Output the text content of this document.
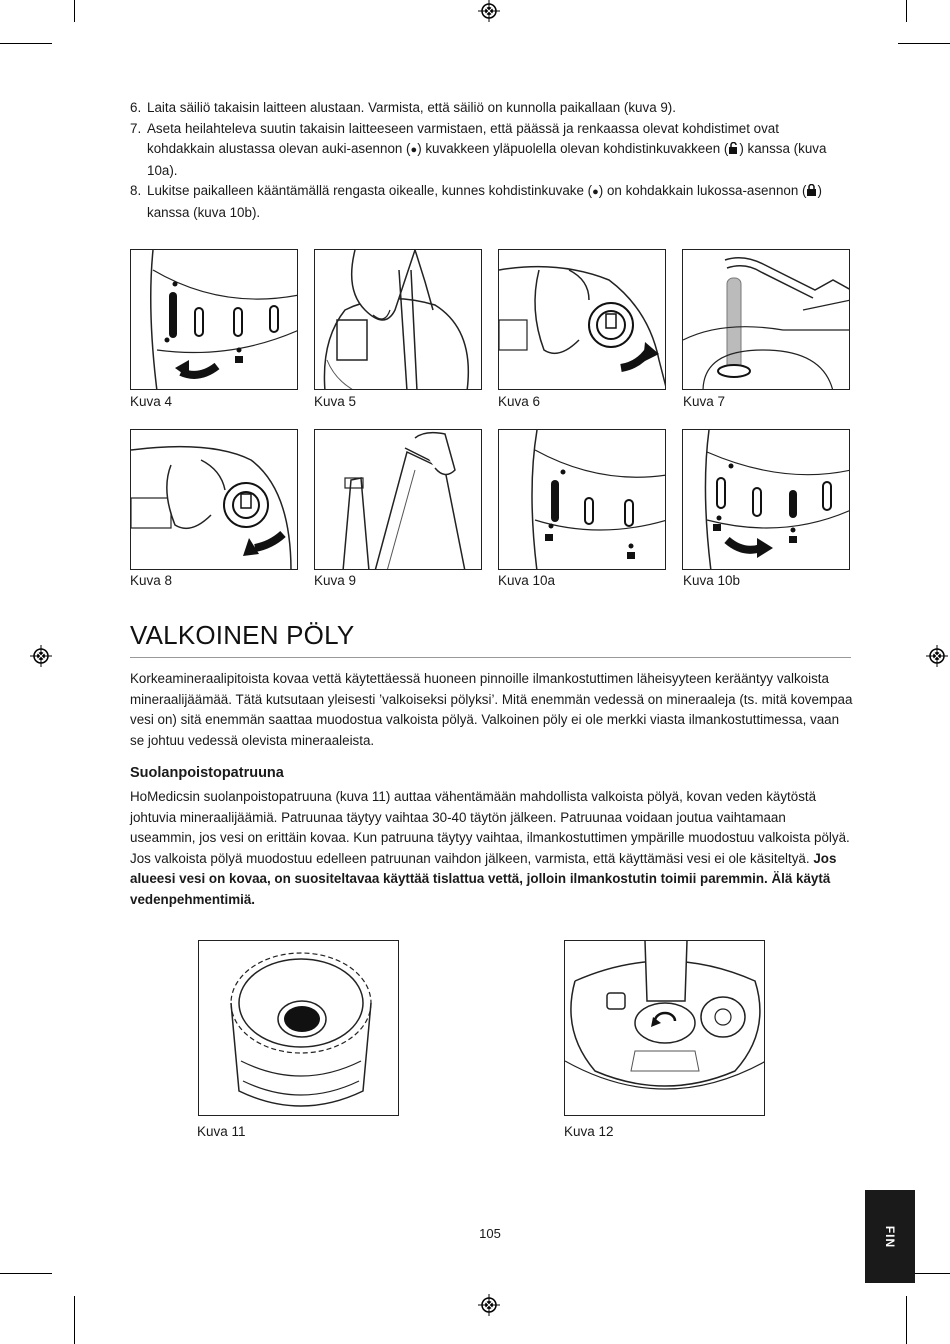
6. Laita säiliö takaisin laitteen alustaan. Varmista, että säiliö on kunnolla paikallaan (kuva 9).
7. Aseta heilahteleva suutin takaisin laitteeseen varmistaen, että päässä ja renkaassa olevat kohdistimet ovat kohdakkain alustassa olevan auki-asennon (●) kuvakkeen yläpuolella olevan kohdistinkuvakkeen ( ) kanssa (kuva 10a).
8. Lukitse paikalleen kääntämällä rengasta oikealle, kunnes kohdistinkuvake (●) on kohdakkain lukossa-asennon ( ) kanssa (kuva 10b).
Kuva 4	Kuva 5	Kuva 6	Kuva 7
Kuva 8	Kuva 9	Kuva 10a	Kuva 10b
VALKOINEN PÖLY

Korkeamineraalipitoista kovaa vettä käytettäessä huoneen pinnoille ilmankostuttimen läheisyyteen kerääntyy valkoista mineraalijäämää. Tätä kutsutaan yleisesti ’valkoiseksi pölyksi’. Mitä enemmän vedessä on mineraaleja (ts. mitä kovempaa vesi on) sitä enemmän saattaa muodostua valkoista pölyä. Valkoinen pöly ei ole merkki viasta ilmankostuttimessa, vaan se johtuu vedessä olevista mineraaleista.

Suolanpoistopatruuna

HoMedicsin suolanpoistopatruuna (kuva 11) auttaa vähentämään mahdollista valkoista pölyä, kovan veden käytöstä johtuvia mineraalijäämiä. Patruunaa täytyy vaihtaa 30-40 täytön jälkeen. Patruunaa voidaan joutua vaihtamaan useammin, jos vesi on erittäin kovaa. Kun patruuna täytyy vaihtaa, ilmankostuttimen ympärille muodostuu valkoista pölyä. Jos valkoista pölyä muodostuu edelleen patruunan vaihdon jälkeen, varmista, että käyttämäsi vesi ei ole käsiteltyä. Jos alueesi vesi on kovaa, on suositeltavaa käyttää tislattua vettä, jolloin ilmankostutin toimii paremmin. Älä käytä vedenpehmentimiä.

Kuva 11	Kuva 12
105	FIN
